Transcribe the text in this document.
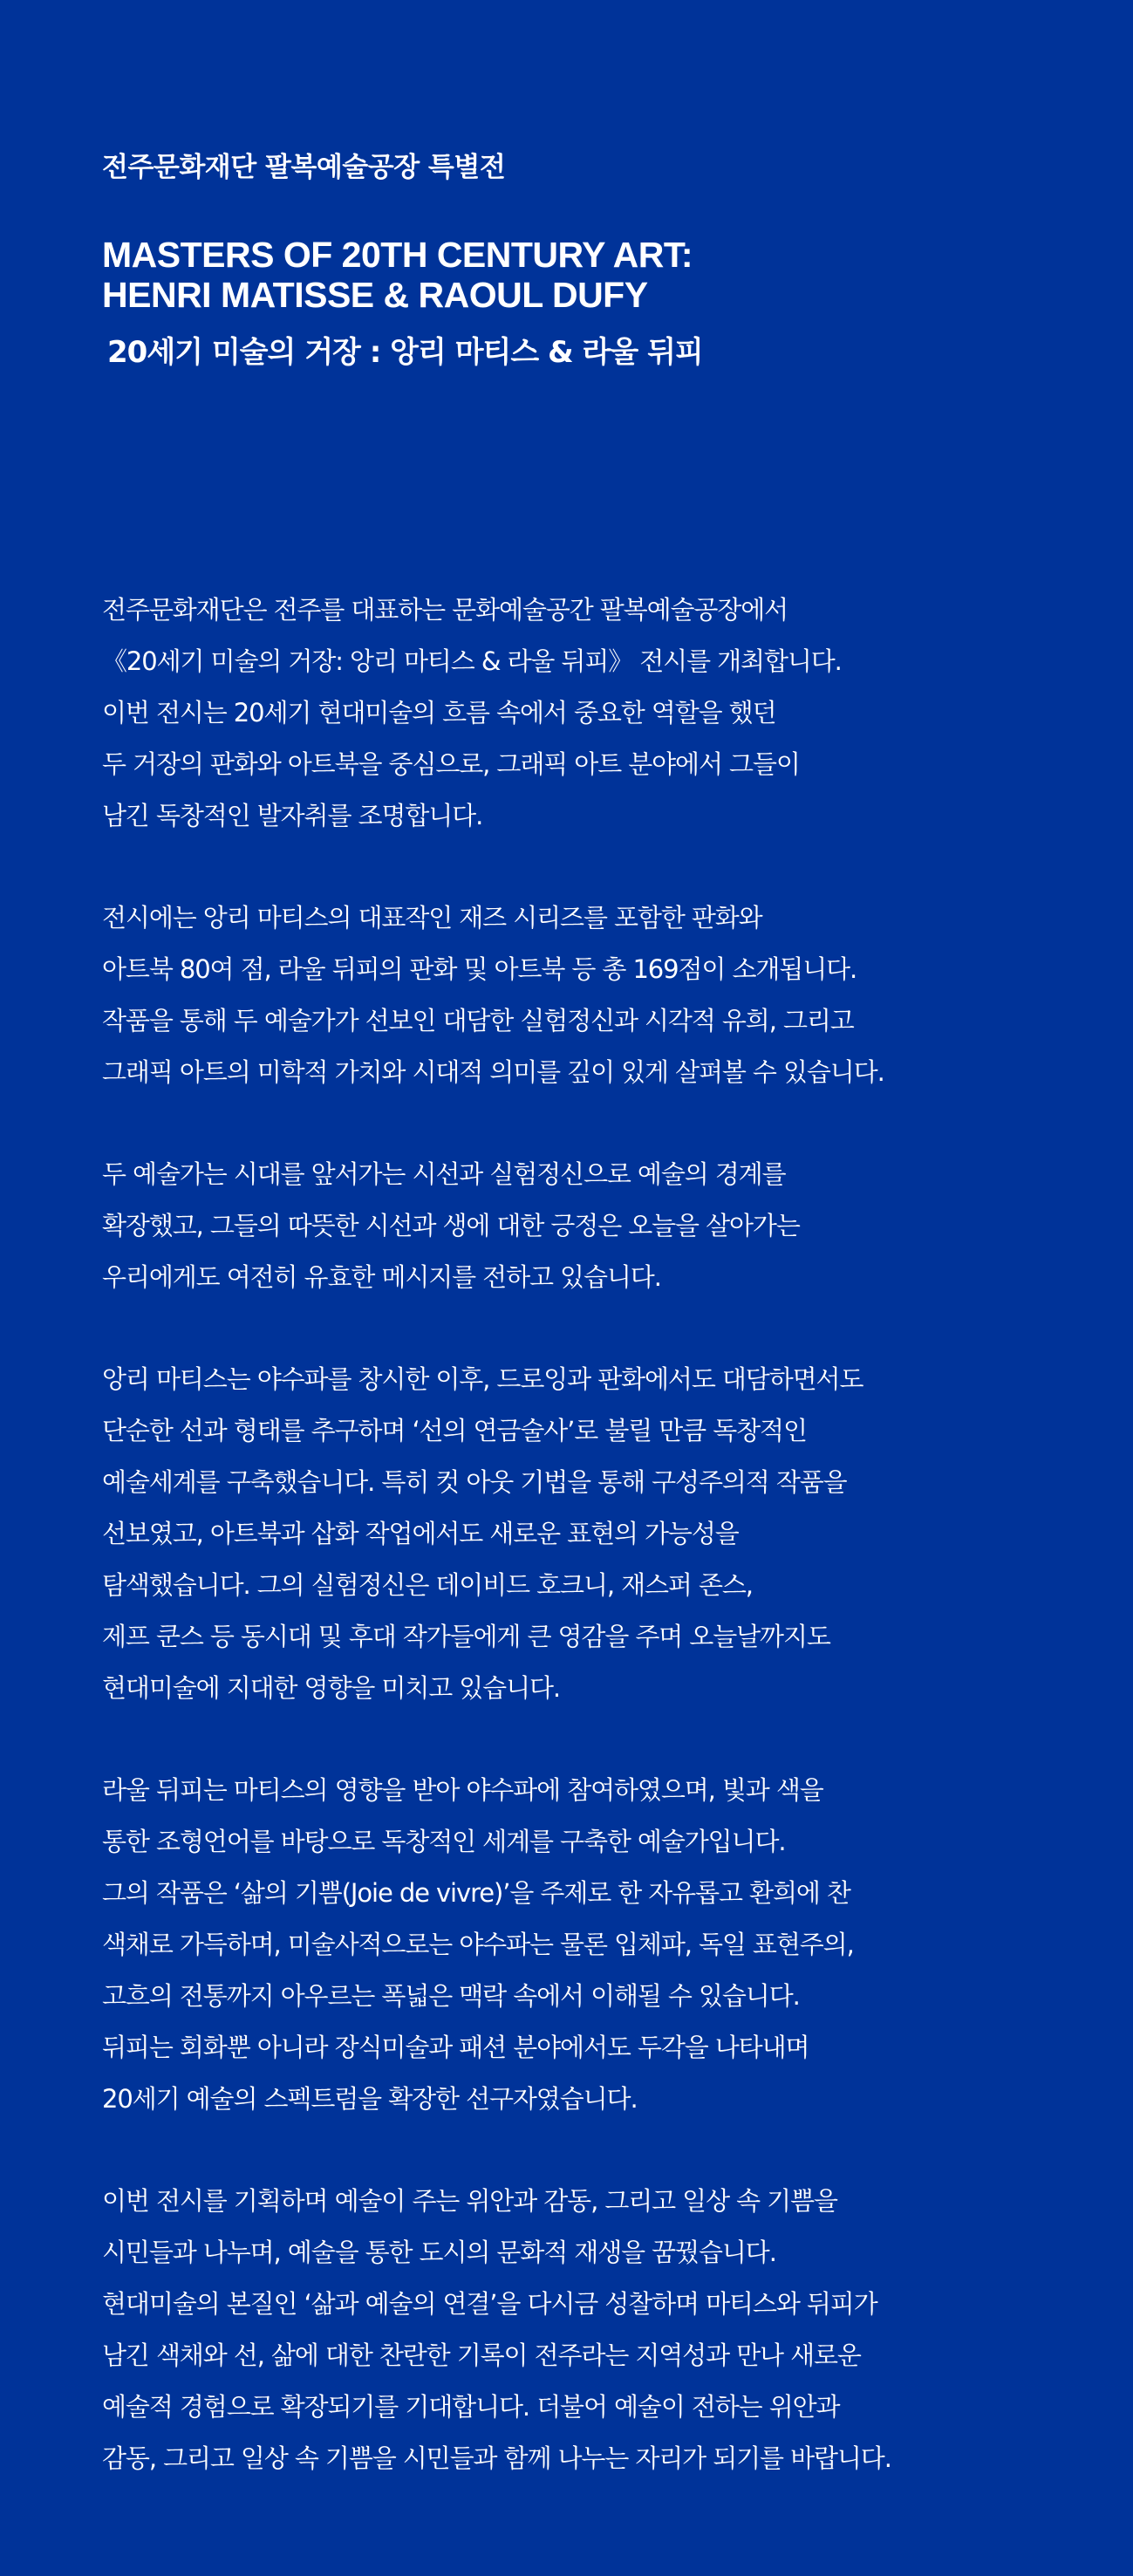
전주문화재단 팔복예술공장 특별전

MASTERS OF 20TH CENTURY ART:
HENRI MATISSE & RAOUL DUFY
20세기 미술의 거장 : 앙리 마티스 & 라울 뒤피
전주문화재단은 전주를 대표하는 문화예술공간 팔복예술공장에서
《20세기 미술의 거장: 앙리 마티스 & 라울 뒤피》 전시를 개최합니다.
이번 전시는 20세기 현대미술의 흐름 속에서 중요한 역할을 했던
두 거장의 판화와 아트북을 중심으로, 그래픽 아트 분야에서 그들이
남긴 독창적인 발자취를 조명합니다.
전시에는 앙리 마티스의 대표작인 재즈 시리즈를 포함한 판화와
아트북 80여 점, 라울 뒤피의 판화 및 아트북 등 총 169점이 소개됩니다.
작품을 통해 두 예술가가 선보인 대담한 실험정신과 시각적 유희, 그리고
그래픽 아트의 미학적 가치와 시대적 의미를 깊이 있게 살펴볼 수 있습니다.
두 예술가는 시대를 앞서가는 시선과 실험정신으로 예술의 경계를
확장했고, 그들의 따뜻한 시선과 생에 대한 긍정은 오늘을 살아가는
우리에게도 여전히 유효한 메시지를 전하고 있습니다.
앙리 마티스는 야수파를 창시한 이후, 드로잉과 판화에서도 대담하면서도
단순한 선과 형태를 추구하며 ‘선의 연금술사’로 불릴 만큼 독창적인
예술세계를 구축했습니다. 특히 컷 아웃 기법을 통해 구성주의적 작품을
선보였고, 아트북과 삽화 작업에서도 새로운 표현의 가능성을
탐색했습니다. 그의 실험정신은 데이비드 호크니, 재스퍼 존스,
제프 쿤스 등 동시대 및 후대 작가들에게 큰 영감을 주며 오늘날까지도
현대미술에 지대한 영향을 미치고 있습니다.
라울 뒤피는 마티스의 영향을 받아 야수파에 참여하였으며, 빛과 색을
통한 조형언어를 바탕으로 독창적인 세계를 구축한 예술가입니다.
그의 작품은 ‘삶의 기쁨(Joie de vivre)’을 주제로 한 자유롭고 환희에 찬
색채로 가득하며, 미술사적으로는 야수파는 물론 입체파, 독일 표현주의,
고흐의 전통까지 아우르는 폭넓은 맥락 속에서 이해될 수 있습니다.
뒤피는 회화뿐 아니라 장식미술과 패션 분야에서도 두각을 나타내며
20세기 예술의 스펙트럼을 확장한 선구자였습니다.
이번 전시를 기획하며 예술이 주는 위안과 감동, 그리고 일상 속 기쁨을
시민들과 나누며, 예술을 통한 도시의 문화적 재생을 꿈꿨습니다.
현대미술의 본질인 ‘삶과 예술의 연결’을 다시금 성찰하며 마티스와 뒤피가
남긴 색채와 선, 삶에 대한 찬란한 기록이 전주라는 지역성과 만나 새로운
예술적 경험으로 확장되기를 기대합니다. 더불어 예술이 전하는 위안과
감동, 그리고 일상 속 기쁨을 시민들과 함께 나누는 자리가 되기를 바랍니다.
